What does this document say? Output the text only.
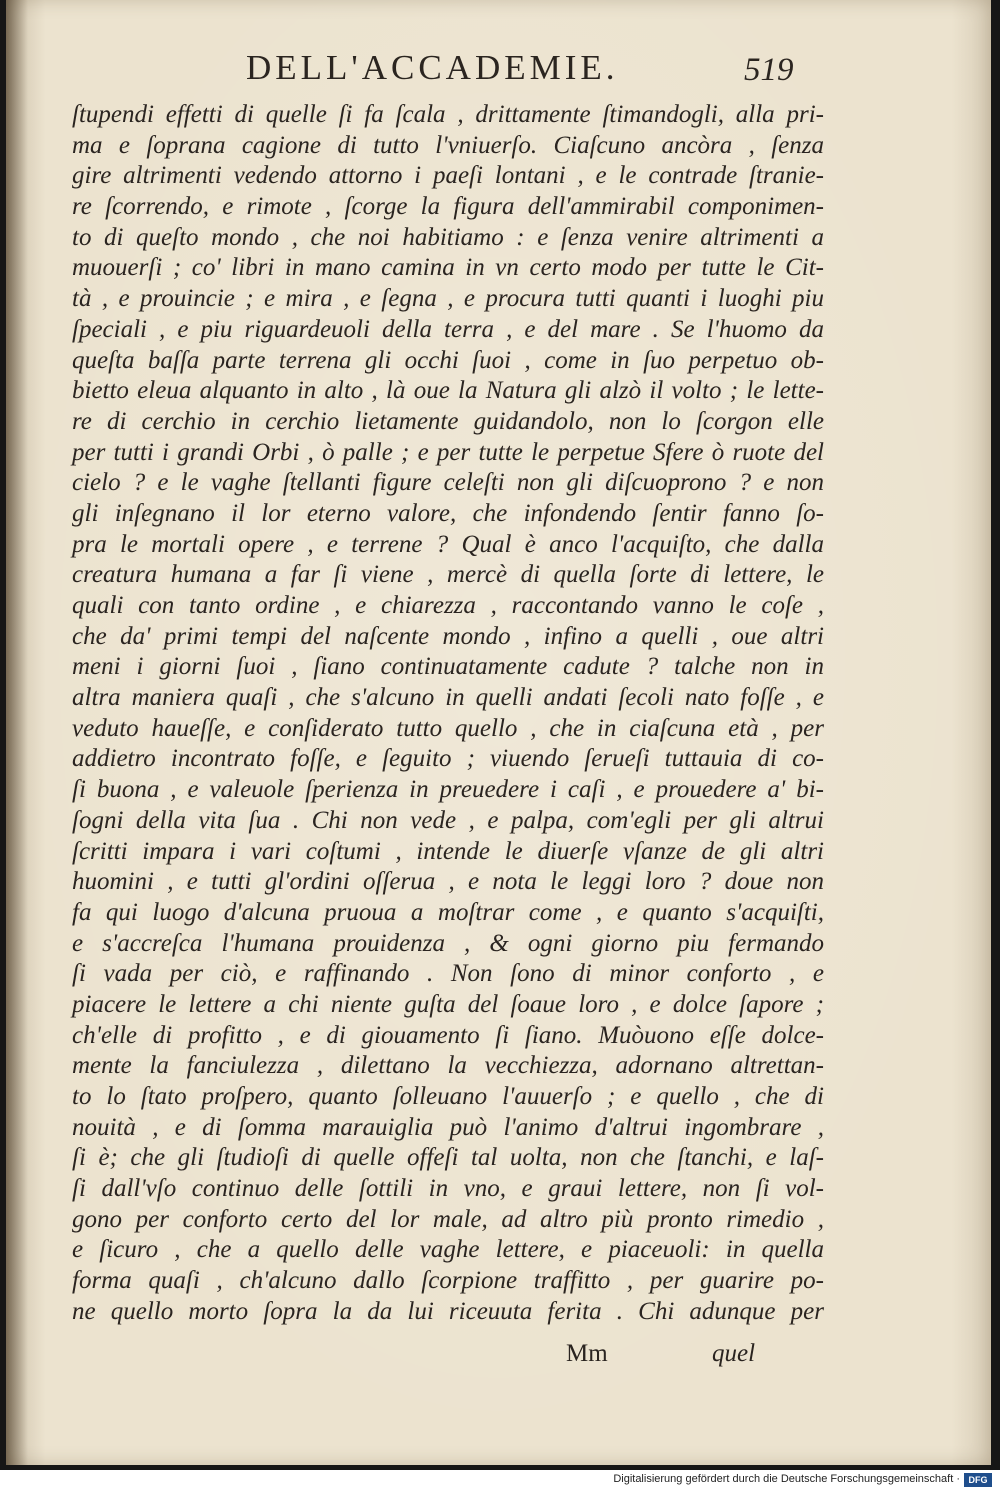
DELL'ACCADEMIE.	519
ſtupendi effetti di quelle ſi fa ſcala , drittamente ſtimandogli, alla pri-
ma e ſoprana cagione di tutto l'vniuerſo. Ciaſcuno ancòra , ſenza
gire altrimenti vedendo attorno i paeſi lontani , e le contrade ſtranie-
re ſcorrendo, e rimote , ſcorge la figura dell'ammirabil componimen-
to di queſto mondo , che noi habitiamo : e ſenza venire altrimenti a
muouerſi ; co' libri in mano camina in vn certo modo per tutte le Cit-
tà , e prouincie ; e mira , e ſegna , e procura tutti quanti i luoghi piu
ſpeciali , e piu riguardeuoli della terra , e del mare . Se l'huomo da
queſta baſſa parte terrena gli occhi ſuoi , come in ſuo perpetuo ob-
bietto eleua alquanto in alto , là oue la Natura gli alzò il volto ; le lette-
re di cerchio in cerchio lietamente guidandolo, non lo ſcorgon elle
per tutti i grandi Orbi , ò palle ; e per tutte le perpetue Sfere ò ruote del
cielo ? e le vaghe ſtellanti figure celeſti non gli diſcuoprono ? e non
gli inſegnano il lor eterno valore, che infondendo ſentir fanno ſo-
pra le mortali opere , e terrene ? Qual è anco l'acquiſto, che dalla
creatura humana a far ſi viene , mercè di quella ſorte di lettere, le
quali con tanto ordine , e chiarezza , raccontando vanno le coſe ,
che da' primi tempi del naſcente mondo , infino a quelli , oue altri
meni i giorni ſuoi , ſiano continuatamente cadute ? talche non in
altra maniera quaſi , che s'alcuno in quelli andati ſecoli nato foſſe , e
veduto haueſſe, e conſiderato tutto quello , che in ciaſcuna età , per
addietro incontrato foſſe, e ſeguito ; viuendo ſerueſi tuttauia di co-
ſi buona , e valeuole ſperienza in preuedere i caſi , e prouedere a' bi-
ſogni della vita ſua . Chi non vede , e palpa, com'egli per gli altrui
ſcritti impara i vari coſtumi , intende le diuerſe vſanze de gli altri
huomini , e tutti gl'ordini oſſerua , e nota le leggi loro ? doue non
fa qui luogo d'alcuna pruoua a moſtrar come , e quanto s'acquiſti,
e s'accreſca l'humana prouidenza , & ogni giorno piu fermando
ſi vada per ciò, e raffinando . Non ſono di minor conforto , e
piacere le lettere a chi niente guſta del ſoaue loro , e dolce ſapore ;
ch'elle di profitto , e di giouamento ſi ſiano. Muòuono eſſe dolce-
mente la fanciulezza , dilettano la vecchiezza, adornano altrettan-
to lo ſtato proſpero, quanto ſolleuano l'auuerſo ; e quello , che di
nouità , e di ſomma marauiglia può l'animo d'altrui ingombrare ,
ſi è; che gli ſtudioſi di quelle offeſi tal uolta, non che ſtanchi, e laſ-
ſi dall'vſo continuo delle ſottili in vno, e graui lettere, non ſi vol-
gono per conforto certo del lor male, ad altro più pronto rimedio ,
e ſicuro , che a quello delle vaghe lettere, e piaceuoli: in quella
forma quaſi , ch'alcuno dallo ſcorpione traffitto , per guarire po-
ne quello morto ſopra la da lui riceuuta ferita . Chi adunque per
Mm	quel
Digitalisierung gefördert durch die Deutsche Forschungsgemeinschaft · DFG
